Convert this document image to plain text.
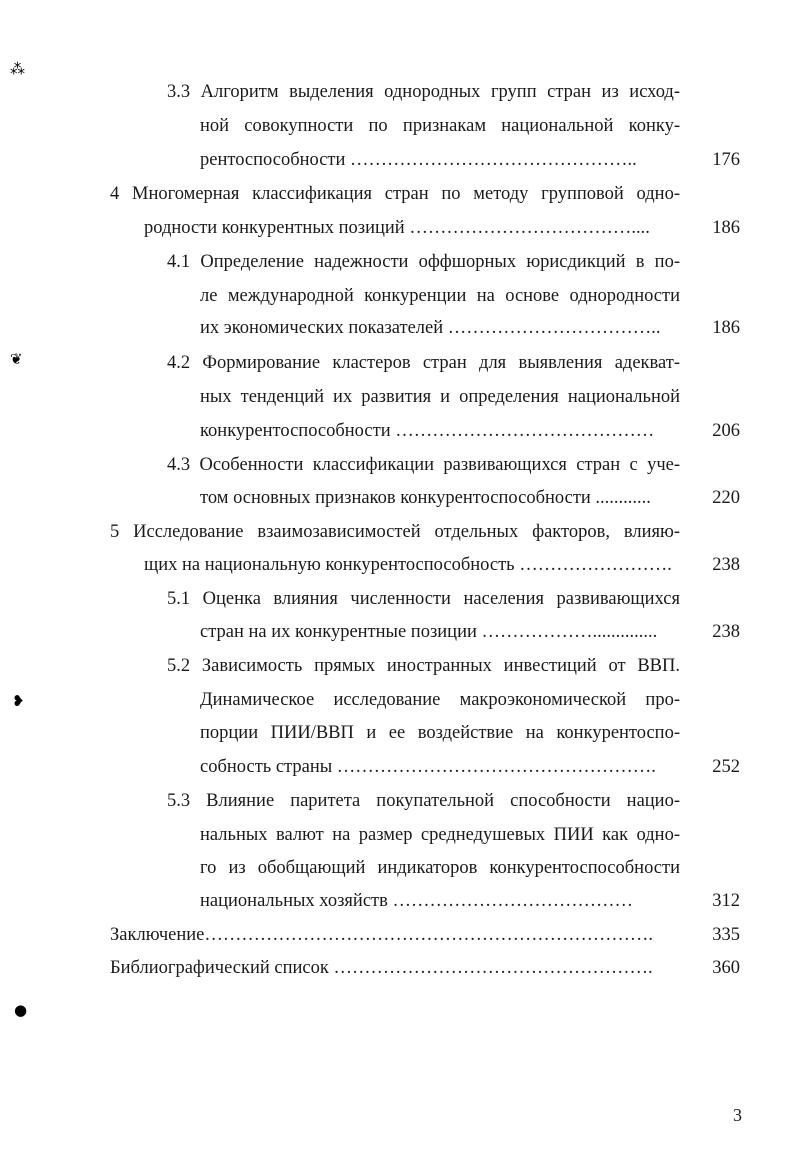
⁂
❦
❥
●
3.3 Алгоритм выделения однородных групп стран из исход-
ной совокупности по признакам национальной конку-
рентоспособности ………………………………………..	176
4 Многомерная классификация стран по методу групповой одно-
родности конкурентных позиций ………………………………....	186
4.1 Определение надежности оффшорных юрисдикций в по-
ле международной конкуренции на основе однородности
их экономических показателей ……………………………..	186
4.2 Формирование кластеров стран для выявления адекват-
ных тенденций их развития и определения национальной
конкурентоспособности ……………………………………	206
4.3 Особенности классификации развивающихся стран с уче-
том основных признаков конкурентоспособности ............	220
5 Исследование взаимозависимостей отдельных факторов, влияю-
щих на национальную конкурентоспособность …………………….	238
5.1 Оценка влияния численности населения развивающихся
стран на их конкурентные позиции ………………..............	238
5.2 Зависимость прямых иностранных инвестиций от ВВП.
Динамическое исследование макроэкономической про-
порции ПИИ/ВВП и ее воздействие на конкурентоспо-
собность страны …………………………………………….	252
5.3 Влияние паритета покупательной способности нацио-
нальных валют на размер среднедушевых ПИИ как одно-
го из обобщающий индикаторов конкурентоспособности
национальных хозяйств …………………………………	312
Заключение……………………………………………………………….	335
Библиографический список …………………………………………….	360
3
